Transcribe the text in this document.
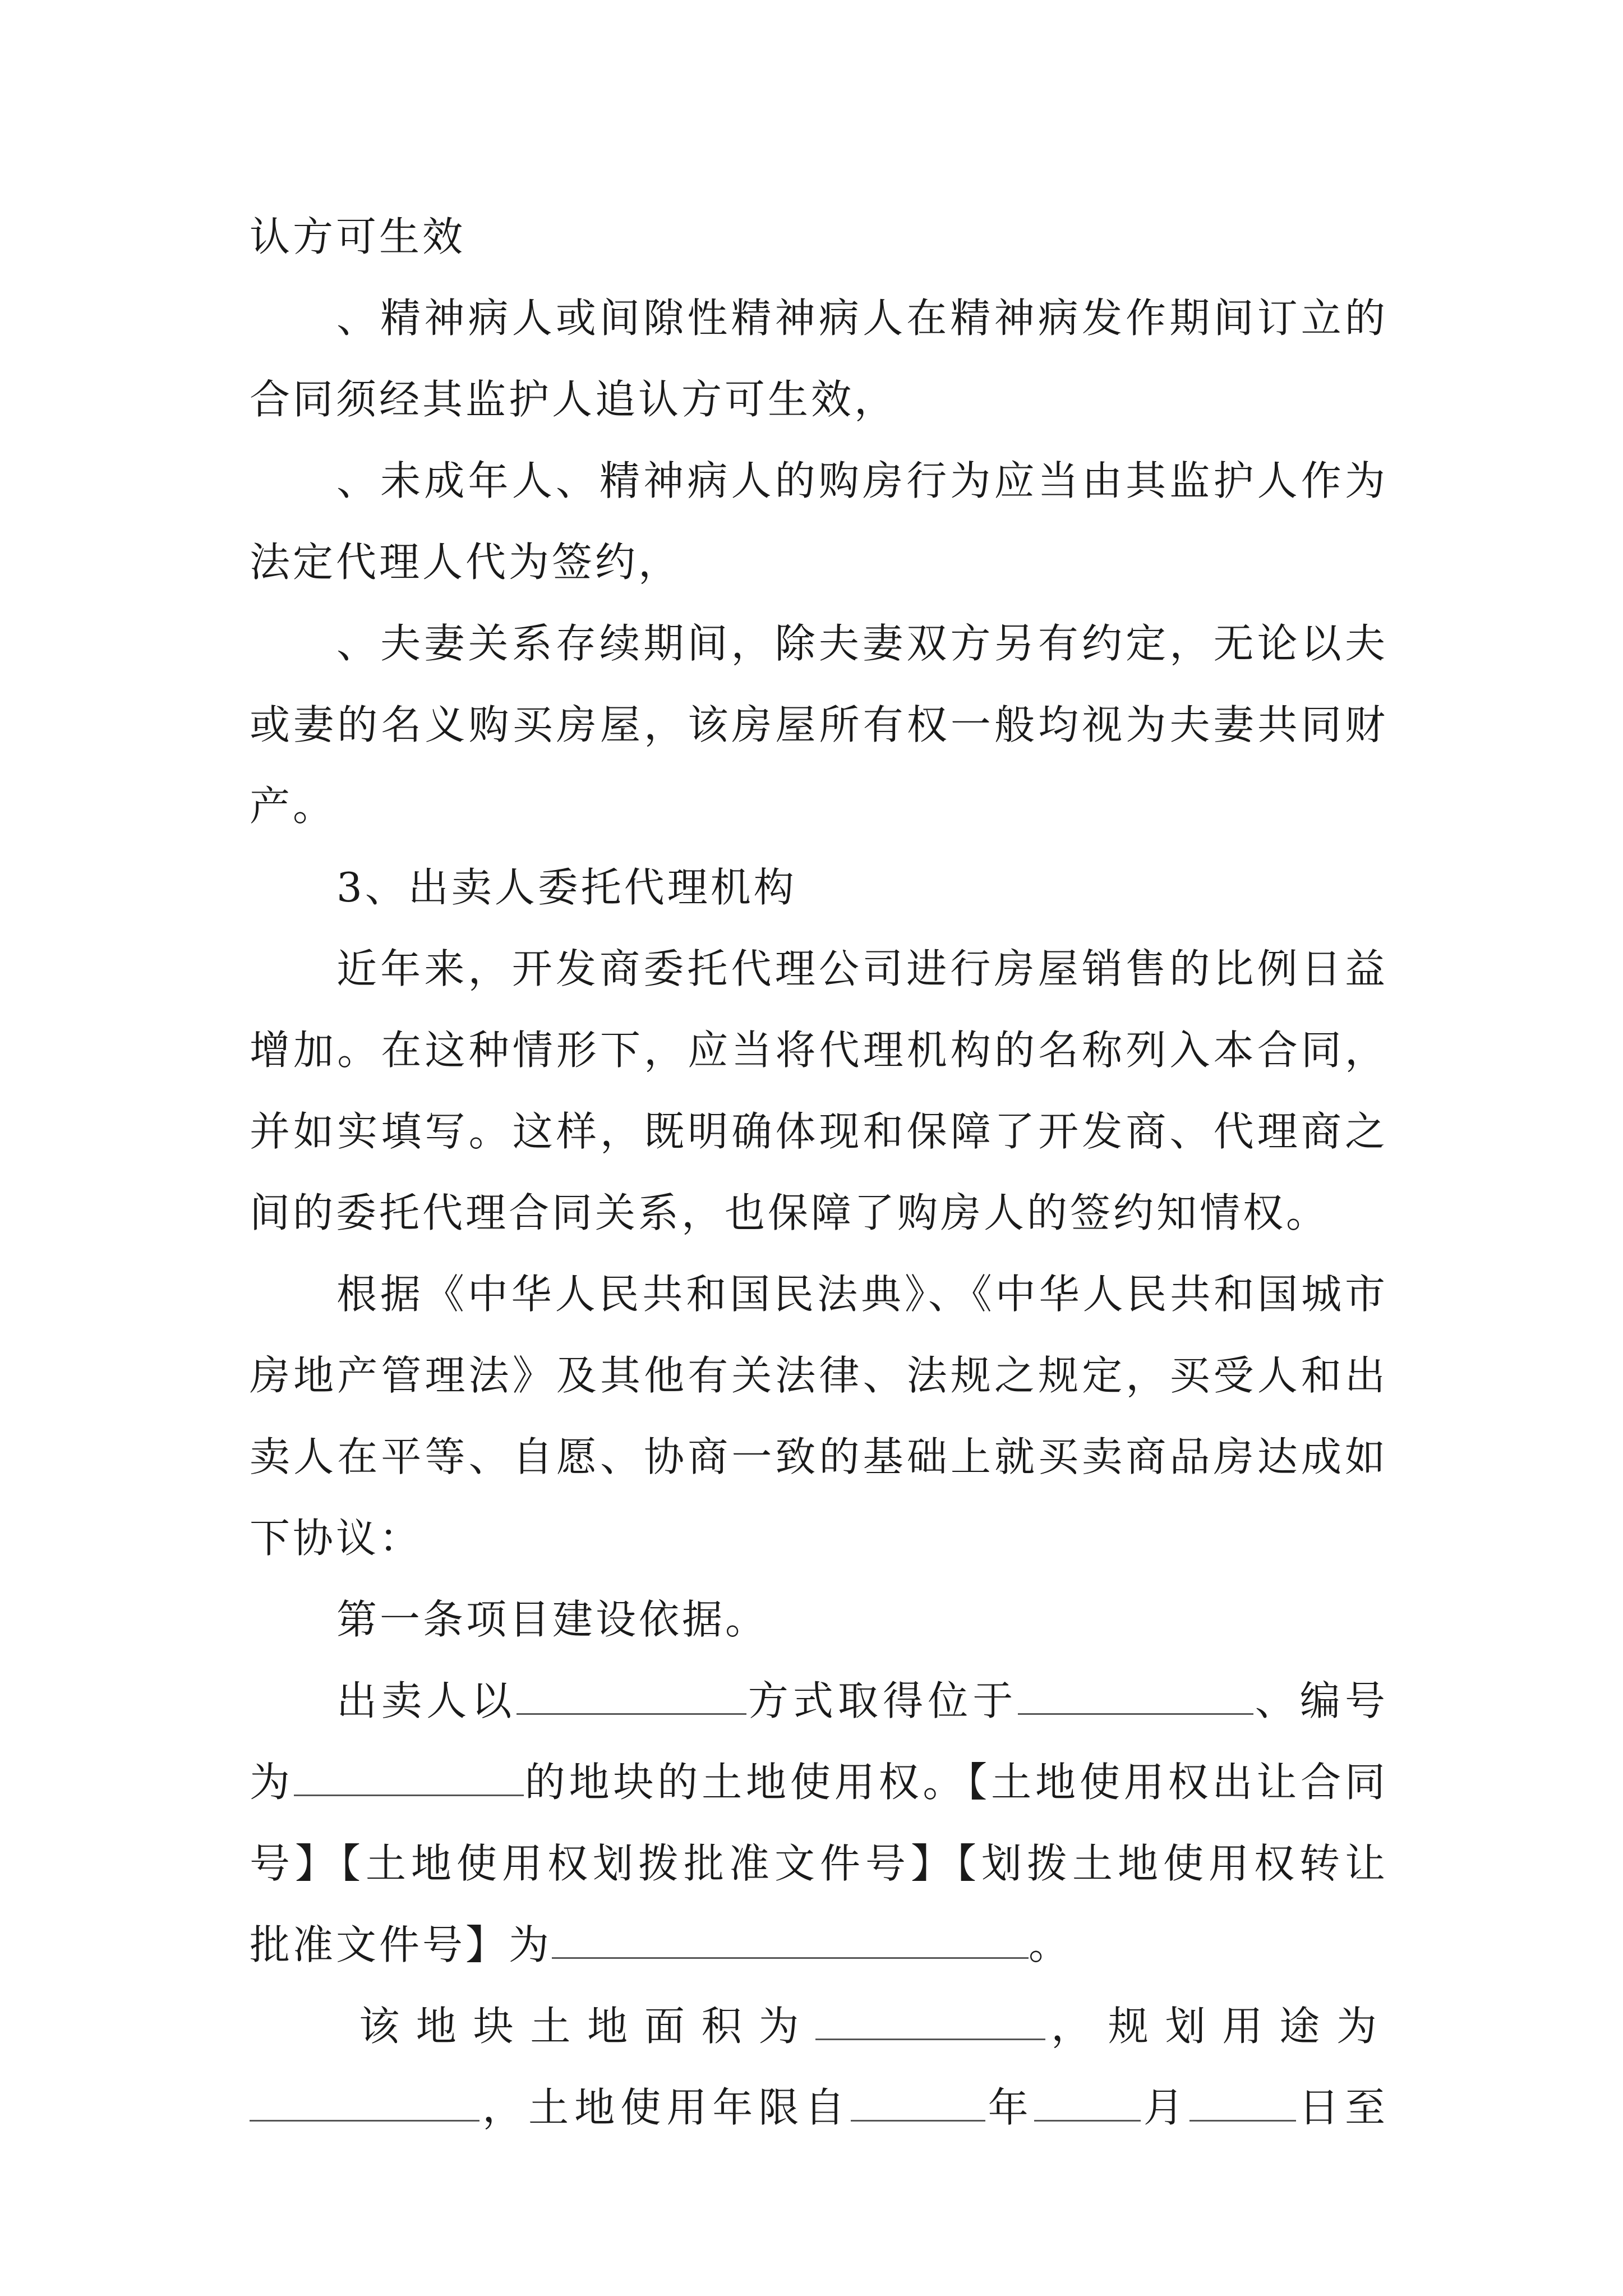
认方可生效
、精神病人或间隙性精神病人在精神病发作期间订立的
合同须经其监护人追认方可生效，
、未成年人、精神病人的购房行为应当由其监护人作为
法定代理人代为签约，
、夫妻关系存续期间，除夫妻双方另有约定，无论以夫
或妻的名义购买房屋，该房屋所有权一般均视为夫妻共同财
产。
3、出卖人委托代理机构
近年来，开发商委托代理公司进行房屋销售的比例日益
增加。在这种情形下，应当将代理机构的名称列入本合同，
并如实填写。这样，既明确体现和保障了开发商、代理商之
间的委托代理合同关系，也保障了购房人的签约知情权。
根据《中华人民共和国民法典》、《中华人民共和国城市
房地产管理法》及其他有关法律、法规之规定，买受人和出
卖人在平等、自愿、协商一致的基础上就买卖商品房达成如
下协议：
第一条项目建设依据。
出卖人以	方式取得位于	、编号
为	的地块的土地使用权。【土地使用权出让合同
号】【土地使用权划拨批准文件号】【划拨土地使用权转让
批准文件号】为	。
该地块土地面积为	，规划用途为
，土地使用年限自	年	月	日至
